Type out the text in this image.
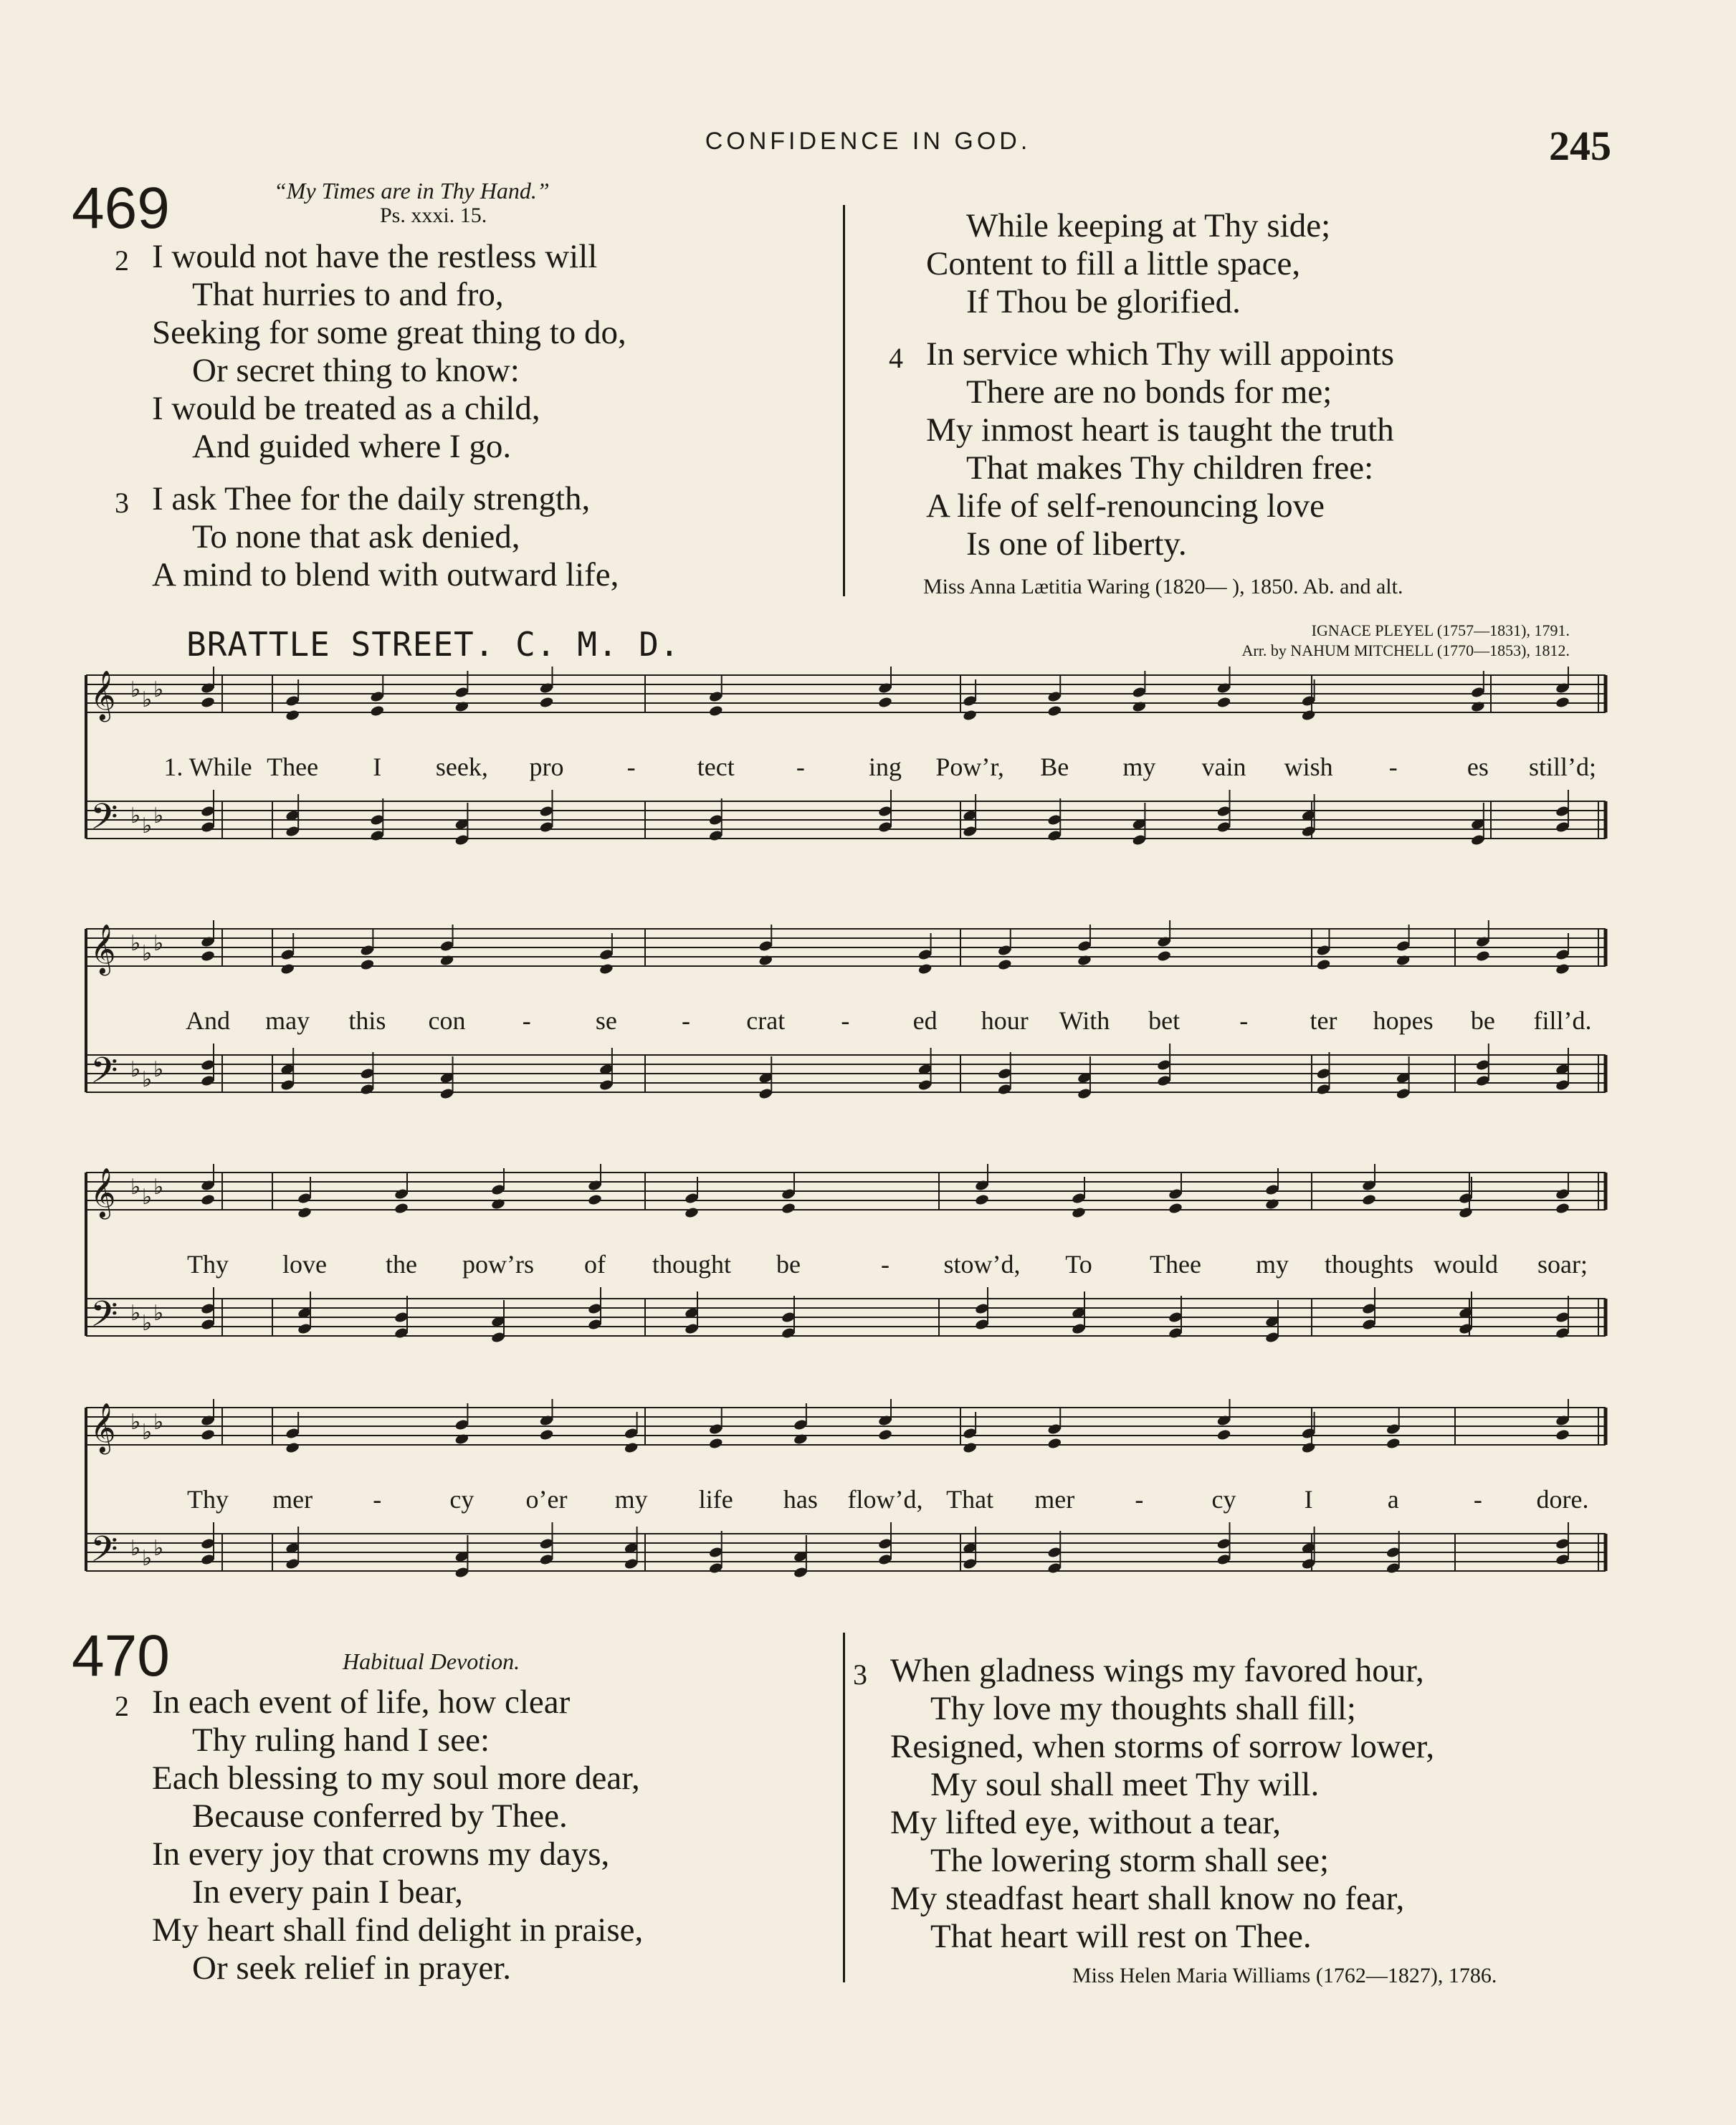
CONFIDENCE IN GOD.	245
469	“My Times are in Thy Hand.”
Ps. xxxi. 15.
2 I would not have the restless will
That hurries to and fro,
Seeking for some great thing to do,
Or secret thing to know:
I would be treated as a child,
And guided where I go.
3 I ask Thee for the daily strength,
To none that ask denied,
A mind to blend with outward life,
While keeping at Thy side;
Content to fill a little space,
If Thou be glorified.
4 In service which Thy will appoints
There are no bonds for me;
My inmost heart is taught the truth
That makes Thy children free:
A life of self-renouncing love
Is one of liberty.
Miss Anna Lætitia Waring (1820— ), 1850. Ab. and alt.
BRATTLE STREET. C. M. D.	IGNACE PLEYEL (1757—1831), 1791.
Arr. by NAHUM MITCHELL (1770—1853), 1812.
𝄞 ♭ ♭ ♭
𝄢 ♭ ♭ ♭
1. While Thee I seek, pro - tect - ing Pow’r, Be my vain wish -	es still’d;
𝄞 ♭ ♭ ♭
𝄢 ♭ ♭ ♭
And may this con -	se	- crat - ed hour With bet - ter hopes be fill’d.
𝄞 ♭ ♭ ♭
𝄢 ♭ ♭ ♭
Thy love the pow’rs of thought be	- stow’d, To Thee my thoughts would soar;
𝄞 ♭ ♭ ♭
𝄢 ♭ ♭ ♭
Thy mer -	cy o’er my life has flow’d, That mer -	cy	I	a	- dore.
470	Habitual Devotion.
2 In each event of life, how clear
Thy ruling hand I see:
Each blessing to my soul more dear,
Because conferred by Thee.
In every joy that crowns my days,
In every pain I bear,
My heart shall find delight in praise,
Or seek relief in prayer.
3 When gladness wings my favored hour,
Thy love my thoughts shall fill;
Resigned, when storms of sorrow lower,
My soul shall meet Thy will.
My lifted eye, without a tear,
The lowering storm shall see;
My steadfast heart shall know no fear,
That heart will rest on Thee.
Miss Helen Maria Williams (1762—1827), 1786.
